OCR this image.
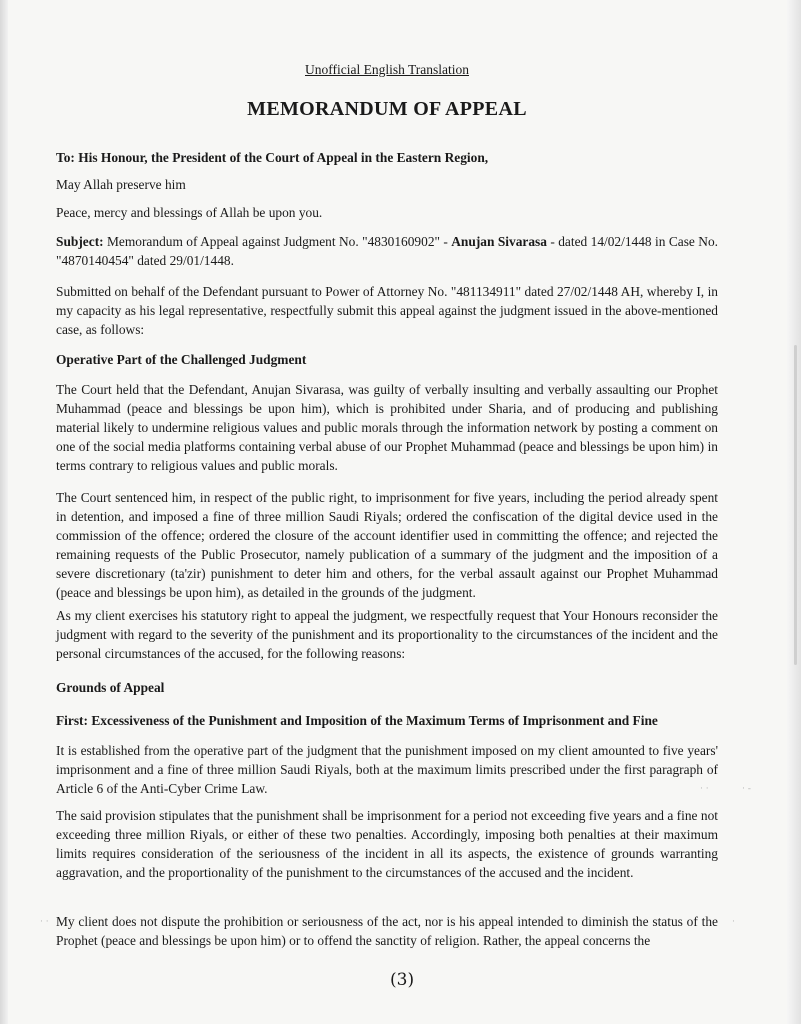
Unofficial English Translation
MEMORANDUM OF APPEAL

To: His Honour, the President of the Court of Appeal in the Eastern Region,

May Allah preserve him

Peace, mercy and blessings of Allah be upon you.

Subject: Memorandum of Appeal against Judgment No. "4830160902" - Anujan Sivarasa - dated 14/02/1448 in Case No. "4870140454" dated 29/01/1448.

Submitted on behalf of the Defendant pursuant to Power of Attorney No. "481134911" dated 27/02/1448 AH, whereby I, in my capacity as his legal representative, respectfully submit this appeal against the judgment issued in the above-mentioned case, as follows:

Operative Part of the Challenged Judgment

The Court held that the Defendant, Anujan Sivarasa, was guilty of verbally insulting and verbally assaulting our Prophet Muhammad (peace and blessings be upon him), which is prohibited under Sharia, and of producing and publishing material likely to undermine religious values and public morals through the information network by posting a comment on one of the social media platforms containing verbal abuse of our Prophet Muhammad (peace and blessings be upon him) in terms contrary to religious values and public morals.

The Court sentenced him, in respect of the public right, to imprisonment for five years, including the period already spent in detention, and imposed a fine of three million Saudi Riyals; ordered the confiscation of the digital device used in the commission of the offence; ordered the closure of the account identifier used in committing the offence; and rejected the remaining requests of the Public Prosecutor, namely publication of a summary of the judgment and the imposition of a severe discretionary (ta'zir) punishment to deter him and others, for the verbal assault against our Prophet Muhammad (peace and blessings be upon him), as detailed in the grounds of the judgment.

As my client exercises his statutory right to appeal the judgment, we respectfully request that Your Honours reconsider the judgment with regard to the severity of the punishment and its proportionality to the circumstances of the incident and the personal circumstances of the accused, for the following reasons:

Grounds of Appeal

First: Excessiveness of the Punishment and Imposition of the Maximum Terms of Imprisonment and Fine

It is established from the operative part of the judgment that the punishment imposed on my client amounted to five years' imprisonment and a fine of three million Saudi Riyals, both at the maximum limits prescribed under the first paragraph of Article 6 of the Anti-Cyber Crime Law.

The said provision stipulates that the punishment shall be imprisonment for a period not exceeding five years and a fine not exceeding three million Riyals, or either of these two penalties. Accordingly, imposing both penalties at their maximum limits requires consideration of the seriousness of the incident in all its aspects, the existence of grounds warranting aggravation, and the proportionality of the punishment to the circumstances of the accused and the incident.

My client does not dispute the prohibition or seriousness of the act, nor is his appeal intended to diminish the status of the Prophet (peace and blessings be upon him) or to offend the sanctity of religion. Rather, the appeal concerns the

· ·	· -
·
· ·
(3)
